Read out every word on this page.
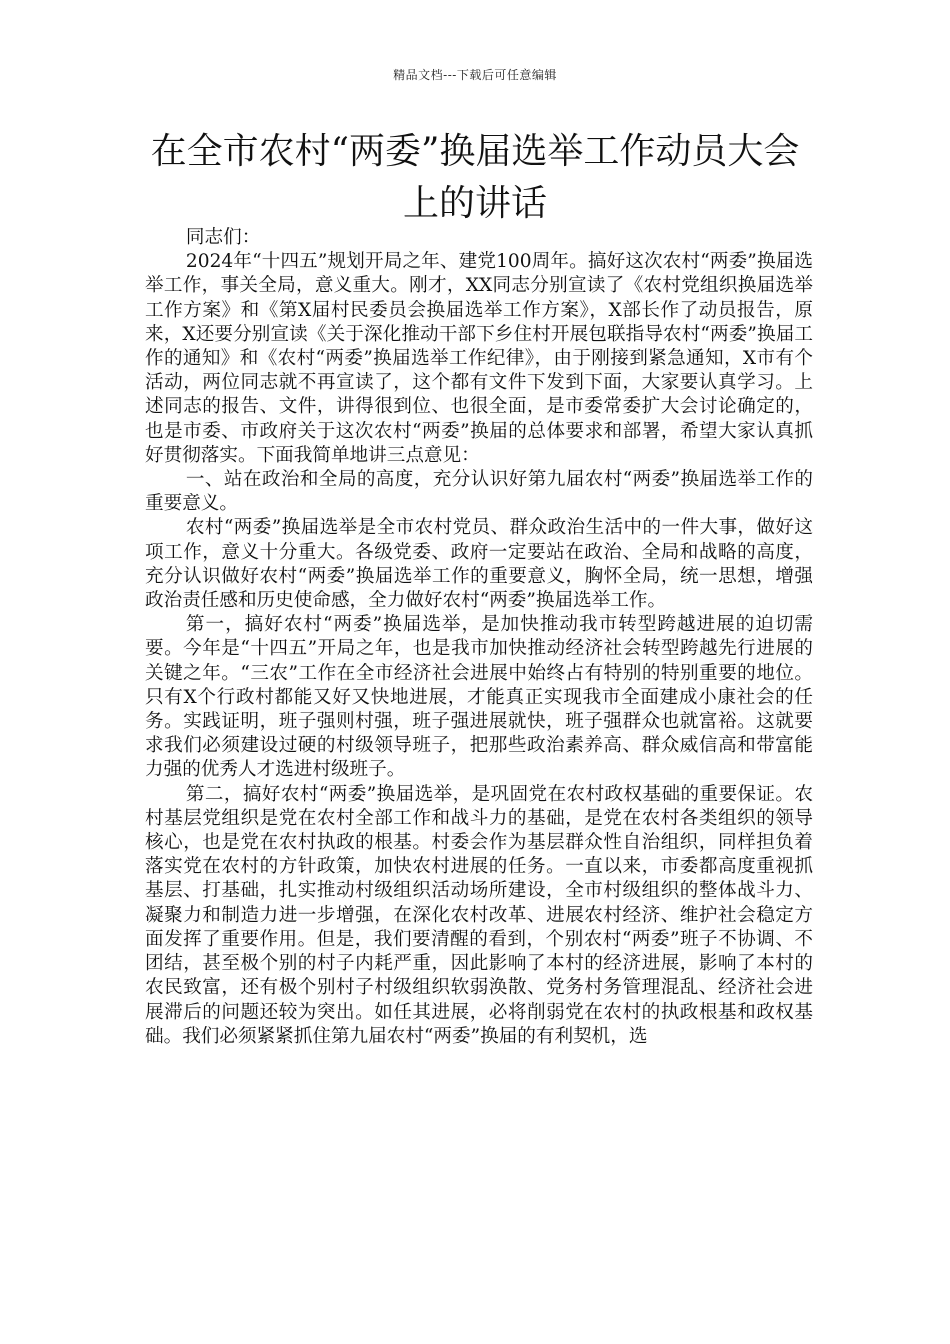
精品文档---下载后可任意编辑
在全市农村“两委”换届选举工作动员大会上的讲话

同志们：

2024年“十四五”规划开局之年、建党100周年。搞好这次农村“两委”换届选举工作，事关全局，意义重大。刚才，XX同志分别宣读了《农村党组织换届选举工作方案》和《第X届村民委员会换届选举工作方案》，X部长作了动员报告，原来，X还要分别宣读《关于深化推动干部下乡住村开展包联指导农村“两委”换届工作的通知》和《农村“两委”换届选举工作纪律》，由于刚接到紧急通知，X市有个活动，两位同志就不再宣读了，这个都有文件下发到下面，大家要认真学习。上述同志的报告、文件，讲得很到位、也很全面，是市委常委扩大会讨论确定的，也是市委、市政府关于这次农村“两委”换届的总体要求和部署，希望大家认真抓好贯彻落实。下面我简单地讲三点意见：

一、站在政治和全局的高度，充分认识好第九届农村“两委”换届选举工作的重要意义。

农村“两委”换届选举是全市农村党员、群众政治生活中的一件大事，做好这项工作，意义十分重大。各级党委、政府一定要站在政治、全局和战略的高度，充分认识做好农村“两委”换届选举工作的重要意义，胸怀全局，统一思想，增强政治责任感和历史使命感，全力做好农村“两委”换届选举工作。

第一，搞好农村“两委”换届选举，是加快推动我市转型跨越进展的迫切需要。今年是“十四五”开局之年，也是我市加快推动经济社会转型跨越先行进展的关键之年。“三农”工作在全市经济社会进展中始终占有特别的特别重要的地位。只有X个行政村都能又好又快地进展，才能真正实现我市全面建成小康社会的任务。实践证明，班子强则村强，班子强进展就快，班子强群众也就富裕。这就要求我们必须建设过硬的村级领导班子，把那些政治素养高、群众威信高和带富能力强的优秀人才选进村级班子。

第二，搞好农村“两委”换届选举，是巩固党在农村政权基础的重要保证。农村基层党组织是党在农村全部工作和战斗力的基础，是党在农村各类组织的领导核心，也是党在农村执政的根基。村委会作为基层群众性自治组织，同样担负着落实党在农村的方针政策，加快农村进展的任务。一直以来，市委都高度重视抓基层、打基础，扎实推动村级组织活动场所建设，全市村级组织的整体战斗力、凝聚力和制造力进一步增强，在深化农村改革、进展农村经济、维护社会稳定方面发挥了重要作用。但是，我们要清醒的看到，个别农村“两委”班子不协调、不团结，甚至极个别的村子内耗严重，因此影响了本村的经济进展，影响了本村的农民致富，还有极个别村子村级组织软弱涣散、党务村务管理混乱、经济社会进展滞后的问题还较为突出。如任其进展，必将削弱党在农村的执政根基和政权基础。我们必须紧紧抓住第九届农村“两委”换届的有利契机，选
